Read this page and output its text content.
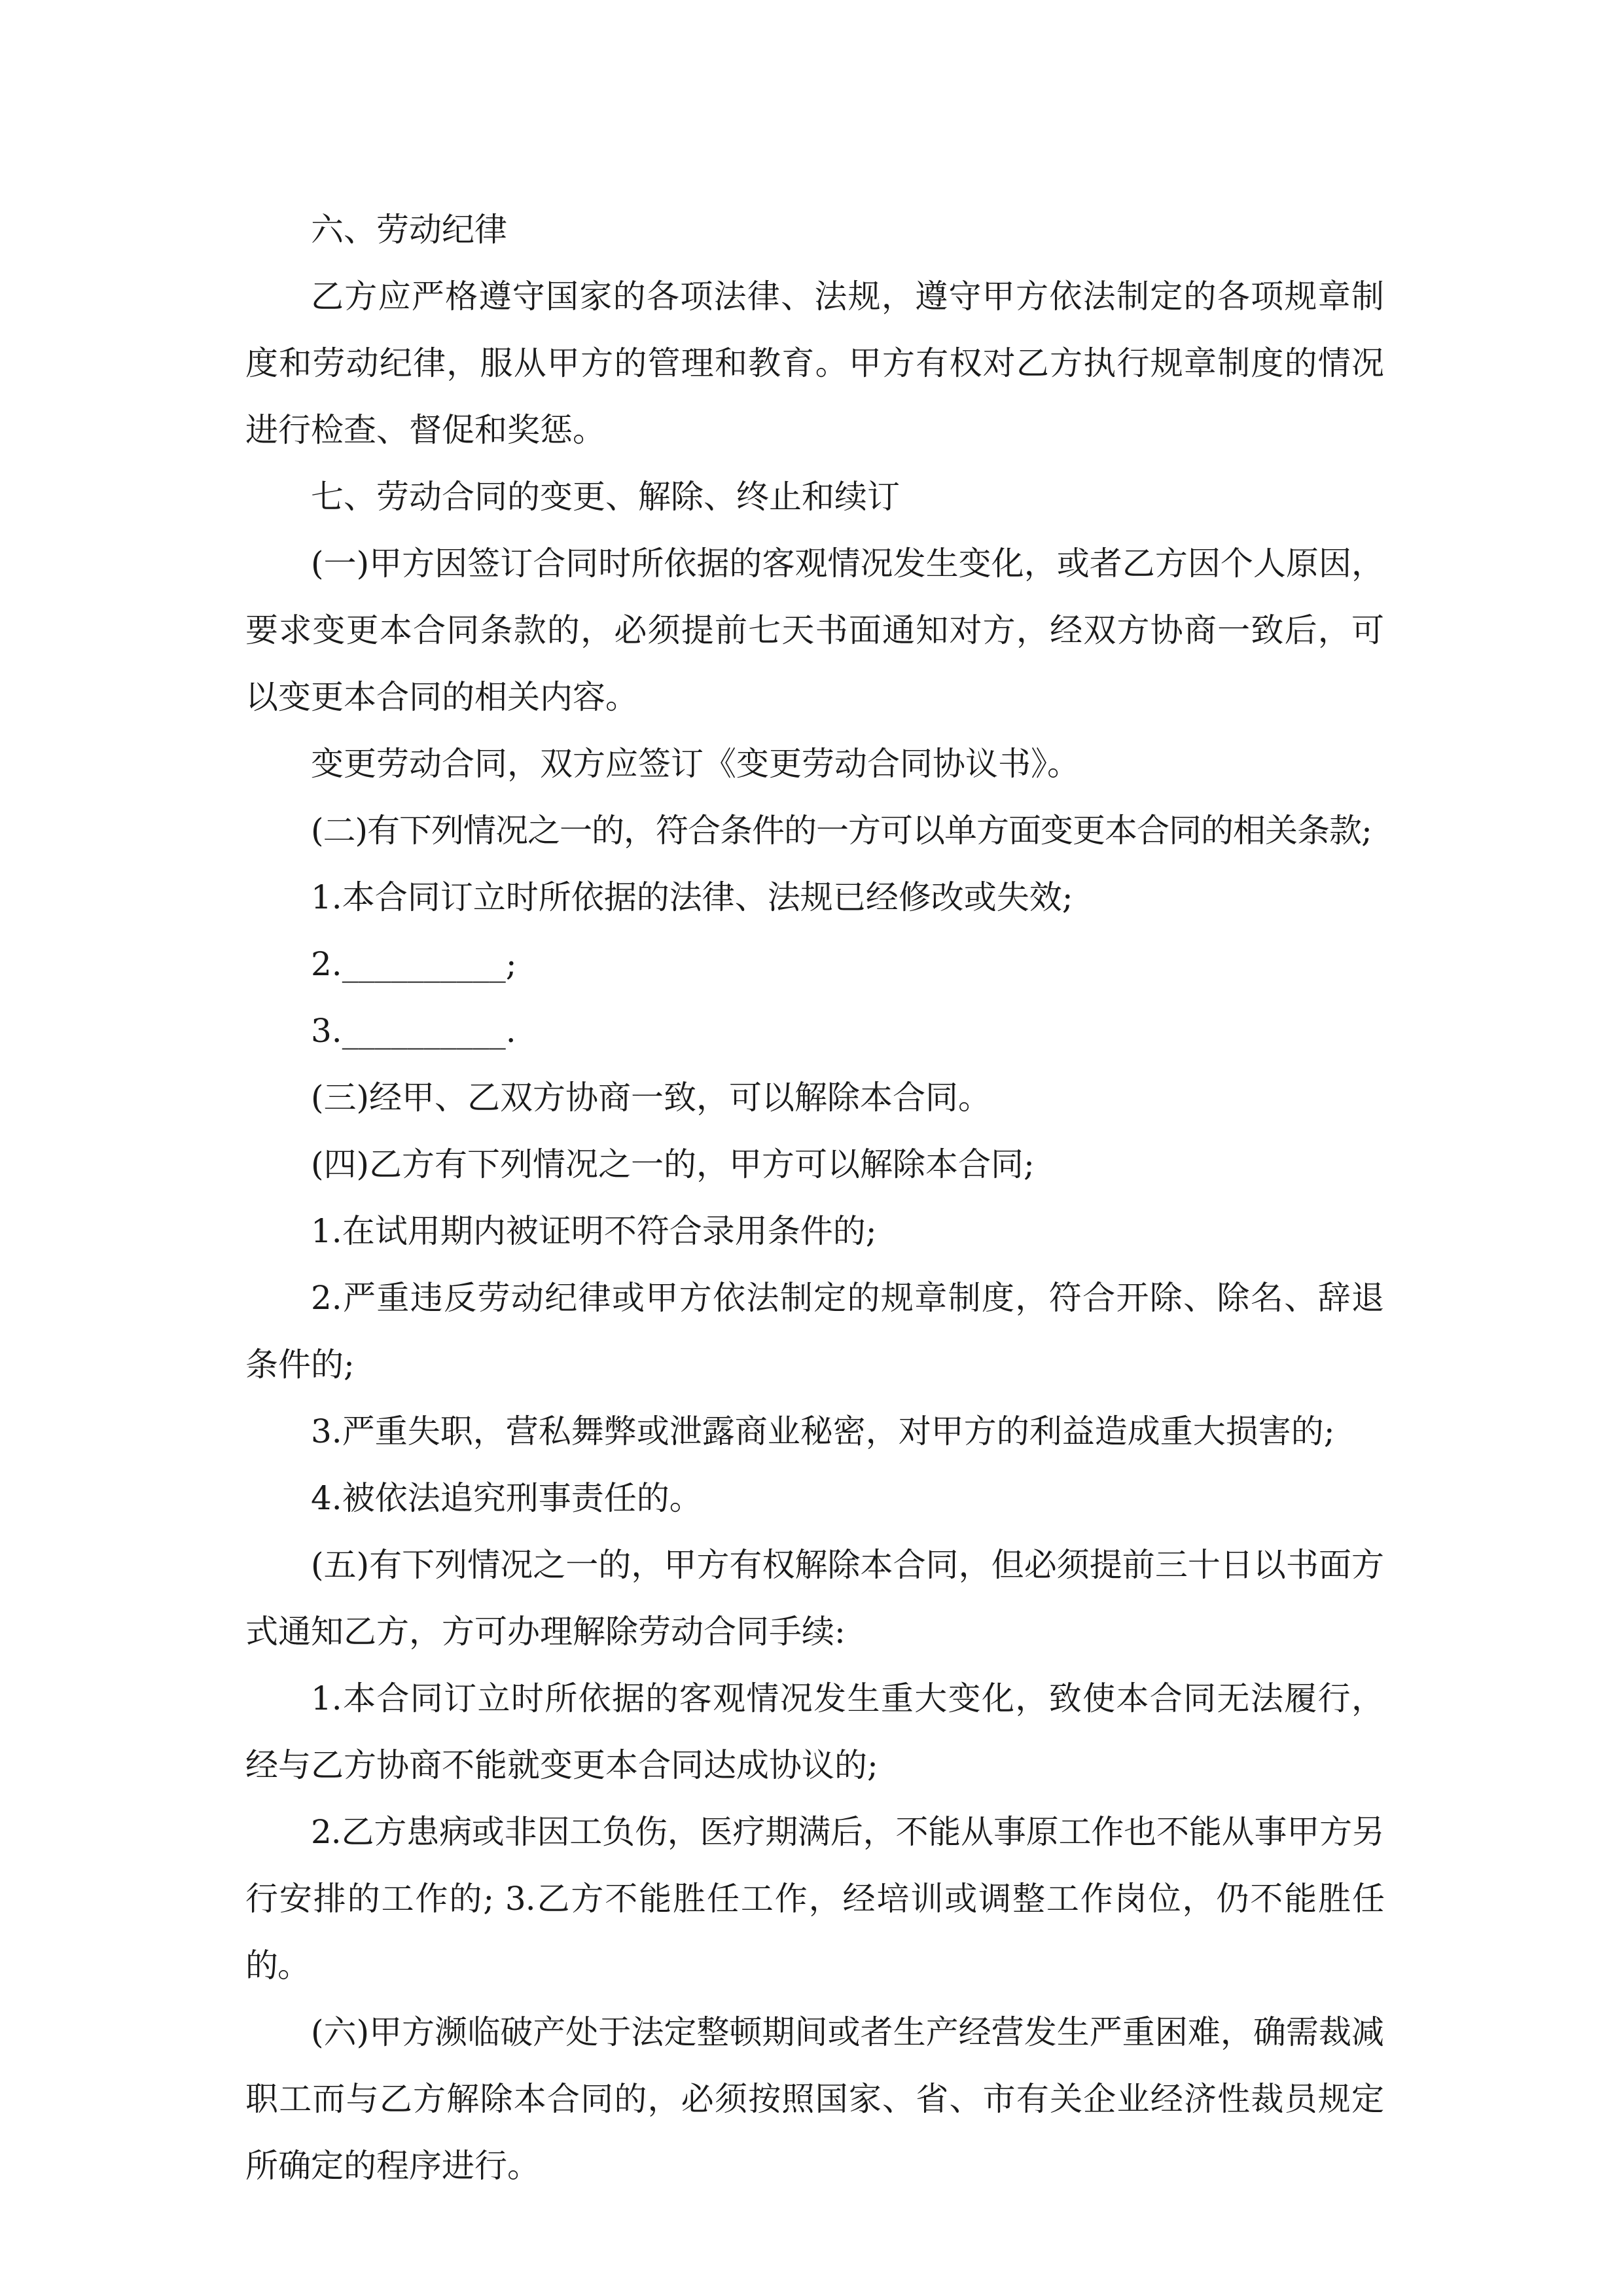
六、劳动纪律

乙方应严格遵守国家的各项法律、法规，遵守甲方依法制定的各项规章制度和劳动纪律，服从甲方的管理和教育。甲方有权对乙方执行规章制度的情况进行检查、督促和奖惩。

七、劳动合同的变更、解除、终止和续订

(一)甲方因签订合同时所依据的客观情况发生变化，或者乙方因个人原因，要求变更本合同条款的，必须提前七天书面通知对方，经双方协商一致后，可以变更本合同的相关内容。

变更劳动合同，双方应签订《变更劳动合同协议书》。

(二)有下列情况之一的，符合条件的一方可以单方面变更本合同的相关条款;

1.本合同订立时所依据的法律、法规已经修改或失效;

2.__________;

3.__________.

(三)经甲、乙双方协商一致，可以解除本合同。

(四)乙方有下列情况之一的，甲方可以解除本合同;

1.在试用期内被证明不符合录用条件的;

2.严重违反劳动纪律或甲方依法制定的规章制度，符合开除、除名、辞退条件的;

3.严重失职，营私舞弊或泄露商业秘密，对甲方的利益造成重大损害的;

4.被依法追究刑事责任的。

(五)有下列情况之一的，甲方有权解除本合同，但必须提前三十日以书面方式通知乙方，方可办理解除劳动合同手续:

1.本合同订立时所依据的客观情况发生重大变化，致使本合同无法履行，经与乙方协商不能就变更本合同达成协议的;

2.乙方患病或非因工负伤，医疗期满后，不能从事原工作也不能从事甲方另行安排的工作的; 3.乙方不能胜任工作，经培训或调整工作岗位，仍不能胜任的。

(六)甲方濒临破产处于法定整顿期间或者生产经营发生严重困难，确需裁减职工而与乙方解除本合同的，必须按照国家、省、市有关企业经济性裁员规定所确定的程序进行。
